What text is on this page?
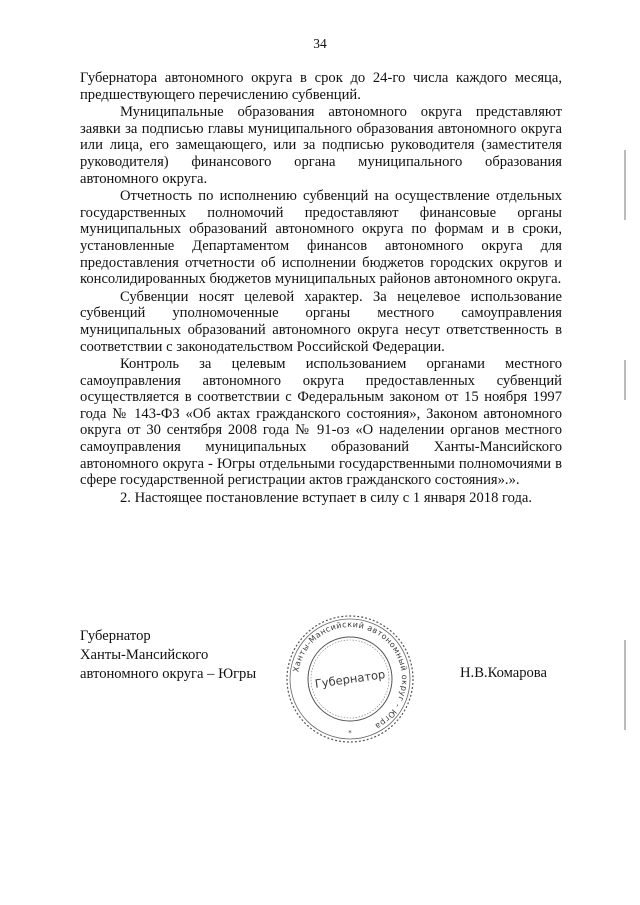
34

Губернатора автономного округа в срок до 24-го числа каждого месяца, предшествующего перечислению субвенций.

Муниципальные образования автономного округа представляют заявки за подписью главы муниципального образования автономного округа или лица, его замещающего, или за подписью руководителя (заместителя руководителя) финансового органа муниципального образования автономного округа.

Отчетность по исполнению субвенций на осуществление отдельных государственных полномочий предоставляют финансовые органы муниципальных образований автономного округа по формам и в сроки, установленные Департаментом финансов автономного округа для предоставления отчетности об исполнении бюджетов городских округов и консолидированных бюджетов муниципальных районов автономного округа.

Субвенции носят целевой характер. За нецелевое использование субвенций уполномоченные органы местного самоуправления муниципальных образований автономного округа несут ответственность в соответствии с законодательством Российской Федерации.

Контроль за целевым использованием органами местного самоуправления автономного округа предоставленных субвенций осуществляется в соответствии с Федеральным законом от 15 ноября 1997 года № 143-ФЗ «Об актах гражданского состояния», Законом автономного округа от 30 сентября 2008 года № 91-оз «О наделении органов местного самоуправления муниципальных образований Ханты-Мансийского автономного округа - Югры отдельными государственными полномочиями в сфере государственной регистрации актов гражданского состояния».».

2. Настоящее постановление вступает в силу с 1 января 2018 года.

Губернатор
Ханты-Мансийского
автономного округа – Югры	Ханты-Мансийский автономный округ - Югра
Губернатор
*
Н.В.Комарова
